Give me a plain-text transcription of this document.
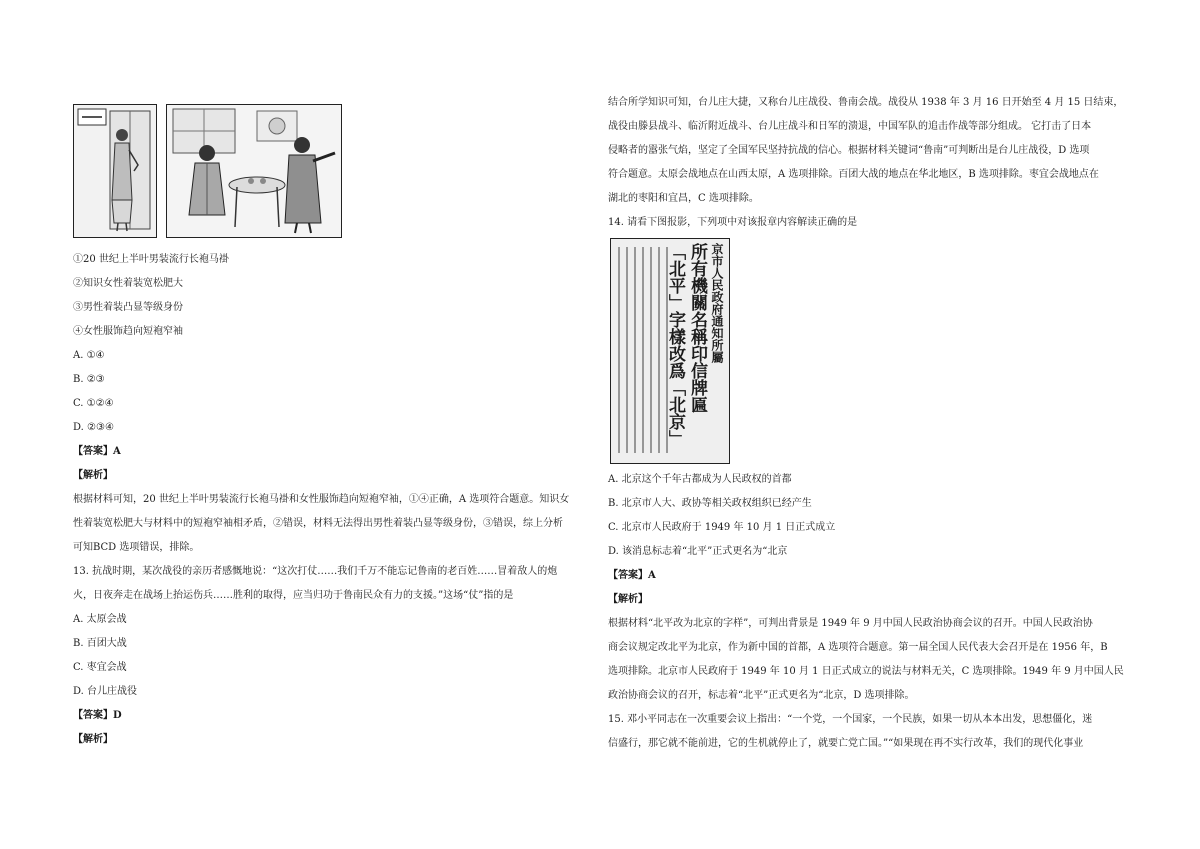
①20 世纪上半叶男装流行长袍马褂
②知识女性着装宽松肥大
③男性着装凸显等级身份
④女性服饰趋向短袍窄袖
A. ①④
B. ②③
C. ①②④
D. ②③④
【答案】A
【解析】
根据材料可知，20 世纪上半叶男装流行长袍马褂和女性服饰趋向短袍窄袖，①④正确，A 选项符合题意。知识女
性着装宽松肥大与材料中的短袍窄袖相矛盾，②错误，材料无法得出男性着装凸显等级身份，③错误，综上分析
可知BCD 选项错误，排除。
13. 抗战时期，某次战役的亲历者感慨地说：“这次打仗……我们千万不能忘记鲁南的老百姓……冒着敌人的炮
火，日夜奔走在战场上抬运伤兵……胜利的取得，应当归功于鲁南民众有力的支援。”这场“仗”指的是
A. 太原会战
B. 百团大战
C. 枣宜会战
D. 台儿庄战役
【答案】D
【解析】
结合所学知识可知，台儿庄大捷，又称台儿庄战役、鲁南会战。战役从 1938 年 3 月 16 日开始至 4 月 15 日结束，
战役由滕县战斗、临沂附近战斗、台儿庄战斗和日军的溃退，中国军队的追击作战等部分组成。 它打击了日本
侵略者的嚣张气焰，坚定了全国军民坚持抗战的信心。根据材料关键词“鲁南”可判断出是台儿庄战役，D 选项
符合题意。太原会战地点在山西太原，A 选项排除。百团大战的地点在华北地区，B 选项排除。枣宜会战地点在
湖北的枣阳和宜昌，C 选项排除。
14. 请看下图报影，下列项中对该报章内容解读正确的是
京市人民政府通知所屬
所有機關名稱印信牌匾
「北平」字樣改爲「北京」
A. 北京这个千年古都成为人民政权的首都
B. 北京市人大、政协等相关政权组织已经产生
C. 北京市人民政府于 1949 年 10 月 1 日正式成立
D. 该消息标志着“北平”正式更名为“北京
【答案】A
【解析】
根据材料“北平改为北京的字样”，可判出背景是 1949 年 9 月中国人民政治协商会议的召开。中国人民政治协
商会议规定改北平为北京，作为新中国的首都，A 选项符合题意。第一届全国人民代表大会召开是在 1956 年，B
选项排除。北京市人民政府于 1949 年 10 月 1 日正式成立的说法与材料无关，C 选项排除。1949 年 9 月中国人民
政治协商会议的召开，标志着“北平”正式更名为“北京，D 选项排除。
15. 邓小平同志在一次重要会议上指出：“一个党，一个国家，一个民族，如果一切从本本出发，思想僵化，迷
信盛行，那它就不能前进，它的生机就停止了，就要亡党亡国。”“如果现在再不实行改革，我们的现代化事业
